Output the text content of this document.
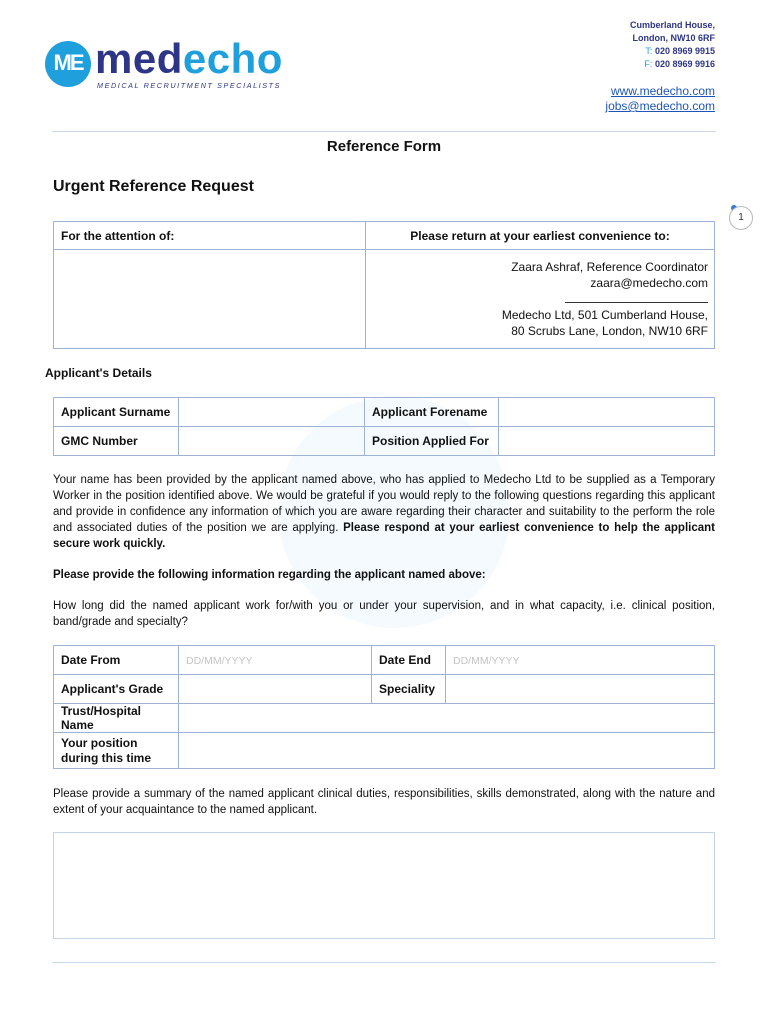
ME medecho
MEDICAL RECRUITMENT SPECIALISTS
Cumberland House,
London, NW10 6RF
T: 020 8969 9915
F: 020 8969 9916
www.medecho.com
jobs@medecho.com
Reference Form
Urgent Reference Request
1
For the attention of:	Please return at your earliest convenience to:

	Zaara Ashraf, Reference Coordinator
zaara@medecho.com
Medecho Ltd, 501 Cumberland House,
80 Scrubs Lane, London, NW10 6RF
Applicant's Details
Applicant Surname		Applicant Forename	
GMC Number		Position Applied For	
Your name has been provided by the applicant named above, who has applied to Medecho Ltd to be supplied as a Temporary Worker in the position identified above. We would be grateful if you would reply to the following questions regarding this applicant and provide in confidence any information of which you are aware regarding their character and suitability to the perform the role and associated duties of the position we are applying. Please respond at your earliest convenience to help the applicant secure work quickly.
Please provide the following information regarding the applicant named above:
How long did the named applicant work for/with you or under your supervision, and in what capacity, i.e. clinical position, band/grade and specialty?
Date From	DD/MM/YYYY	Date End	DD/MM/YYYY
Applicant's Grade		Speciality	
Trust/Hospital Name			
Your position during this time			
Please provide a summary of the named applicant clinical duties, responsibilities, skills demonstrated, along with the nature and extent of your acquaintance to the named applicant.
